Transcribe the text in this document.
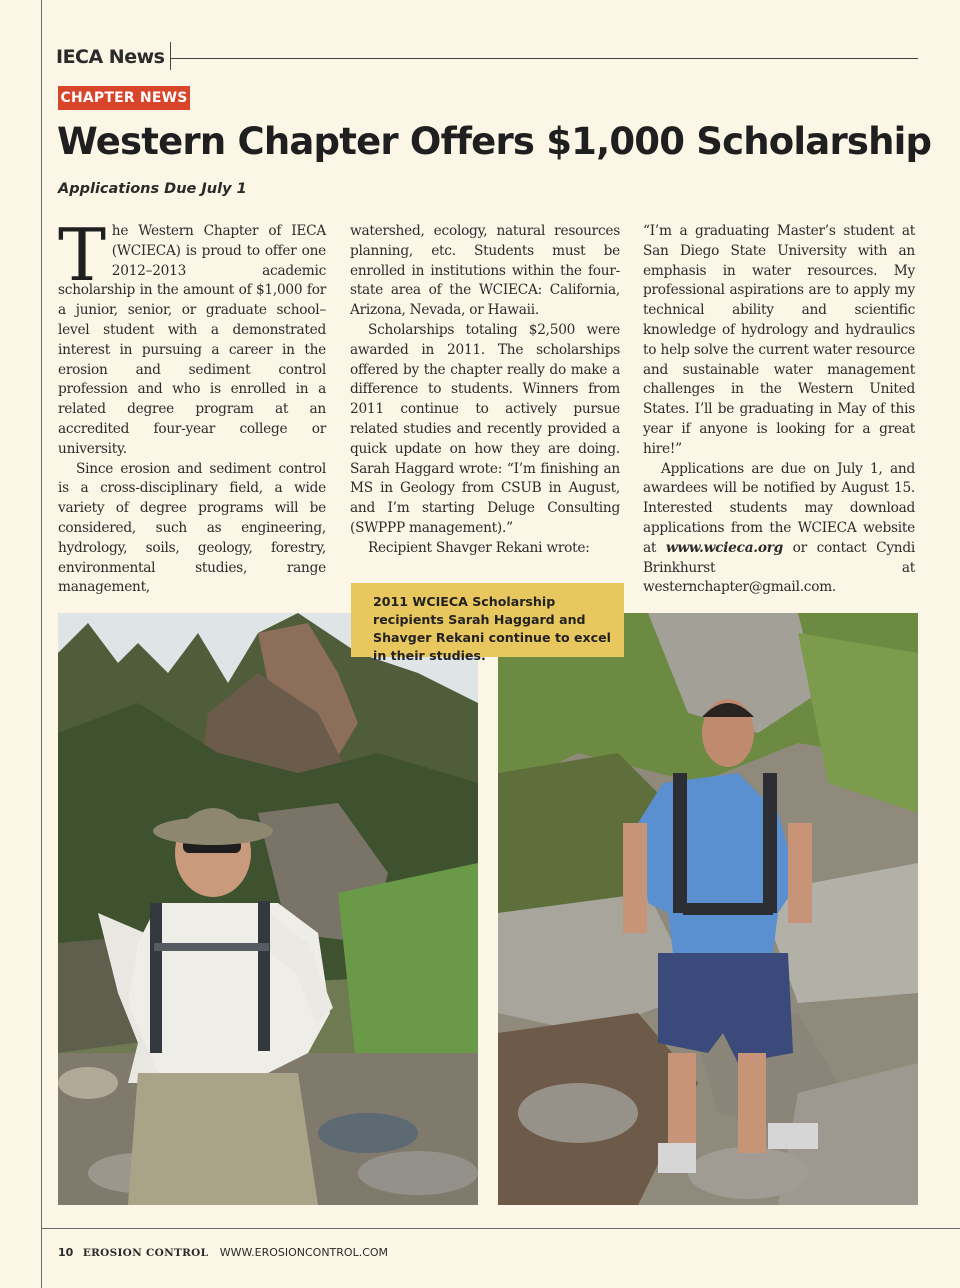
IECA News
CHAPTER NEWS
Western Chapter Offers $1,000 Scholarship
Applications Due July 1

The Western Chapter of IECA (WCIECA) is proud to offer one 2012–2013 academic scholarship in the amount of $1,000 for a junior, senior, or graduate school–level student with a demonstrated interest in pursuing a career in the erosion and sediment control profession and who is enrolled in a related degree program at an accredited four-year college or university.

Since erosion and sediment control is a cross-disciplinary field, a wide variety of degree programs will be considered, such as engineering, hydrology, soils, geology, forestry, environmental studies, range management,

watershed, ecology, natural resources planning, etc. Students must be enrolled in institutions within the four-state area of the WCIECA: California, Arizona, Nevada, or Hawaii.

Scholarships totaling $2,500 were awarded in 2011. The scholarships offered by the chapter really do make a difference to students. Winners from 2011 continue to actively pursue related studies and recently provided a quick update on how they are doing. Sarah Haggard wrote: “I’m finishing an MS in Geology from CSUB in August, and I’m starting Deluge Consulting (SWPPP management).”

Recipient Shavger Rekani wrote:

“I’m a graduating Master’s student at San Diego State University with an emphasis in water resources. My professional aspirations are to apply my technical ability and scientific knowledge of hydrology and hydraulics to help solve the current water resource and sustainable water management challenges in the Western United States. I’ll be graduating in May of this year if anyone is looking for a great hire!”

Applications are due on July 1, and awardees will be notified by August 15. Interested students may download applications from the WCIECA website at www.wcieca.org or contact Cyndi Brinkhurst at westernchapter@gmail.com.

2011 WCIECA Scholarship recipients Sarah Haggard and Shavger Rekani continue to excel in their studies.
10 EROSION CONTROL WWW.EROSIONCONTROL.COM
